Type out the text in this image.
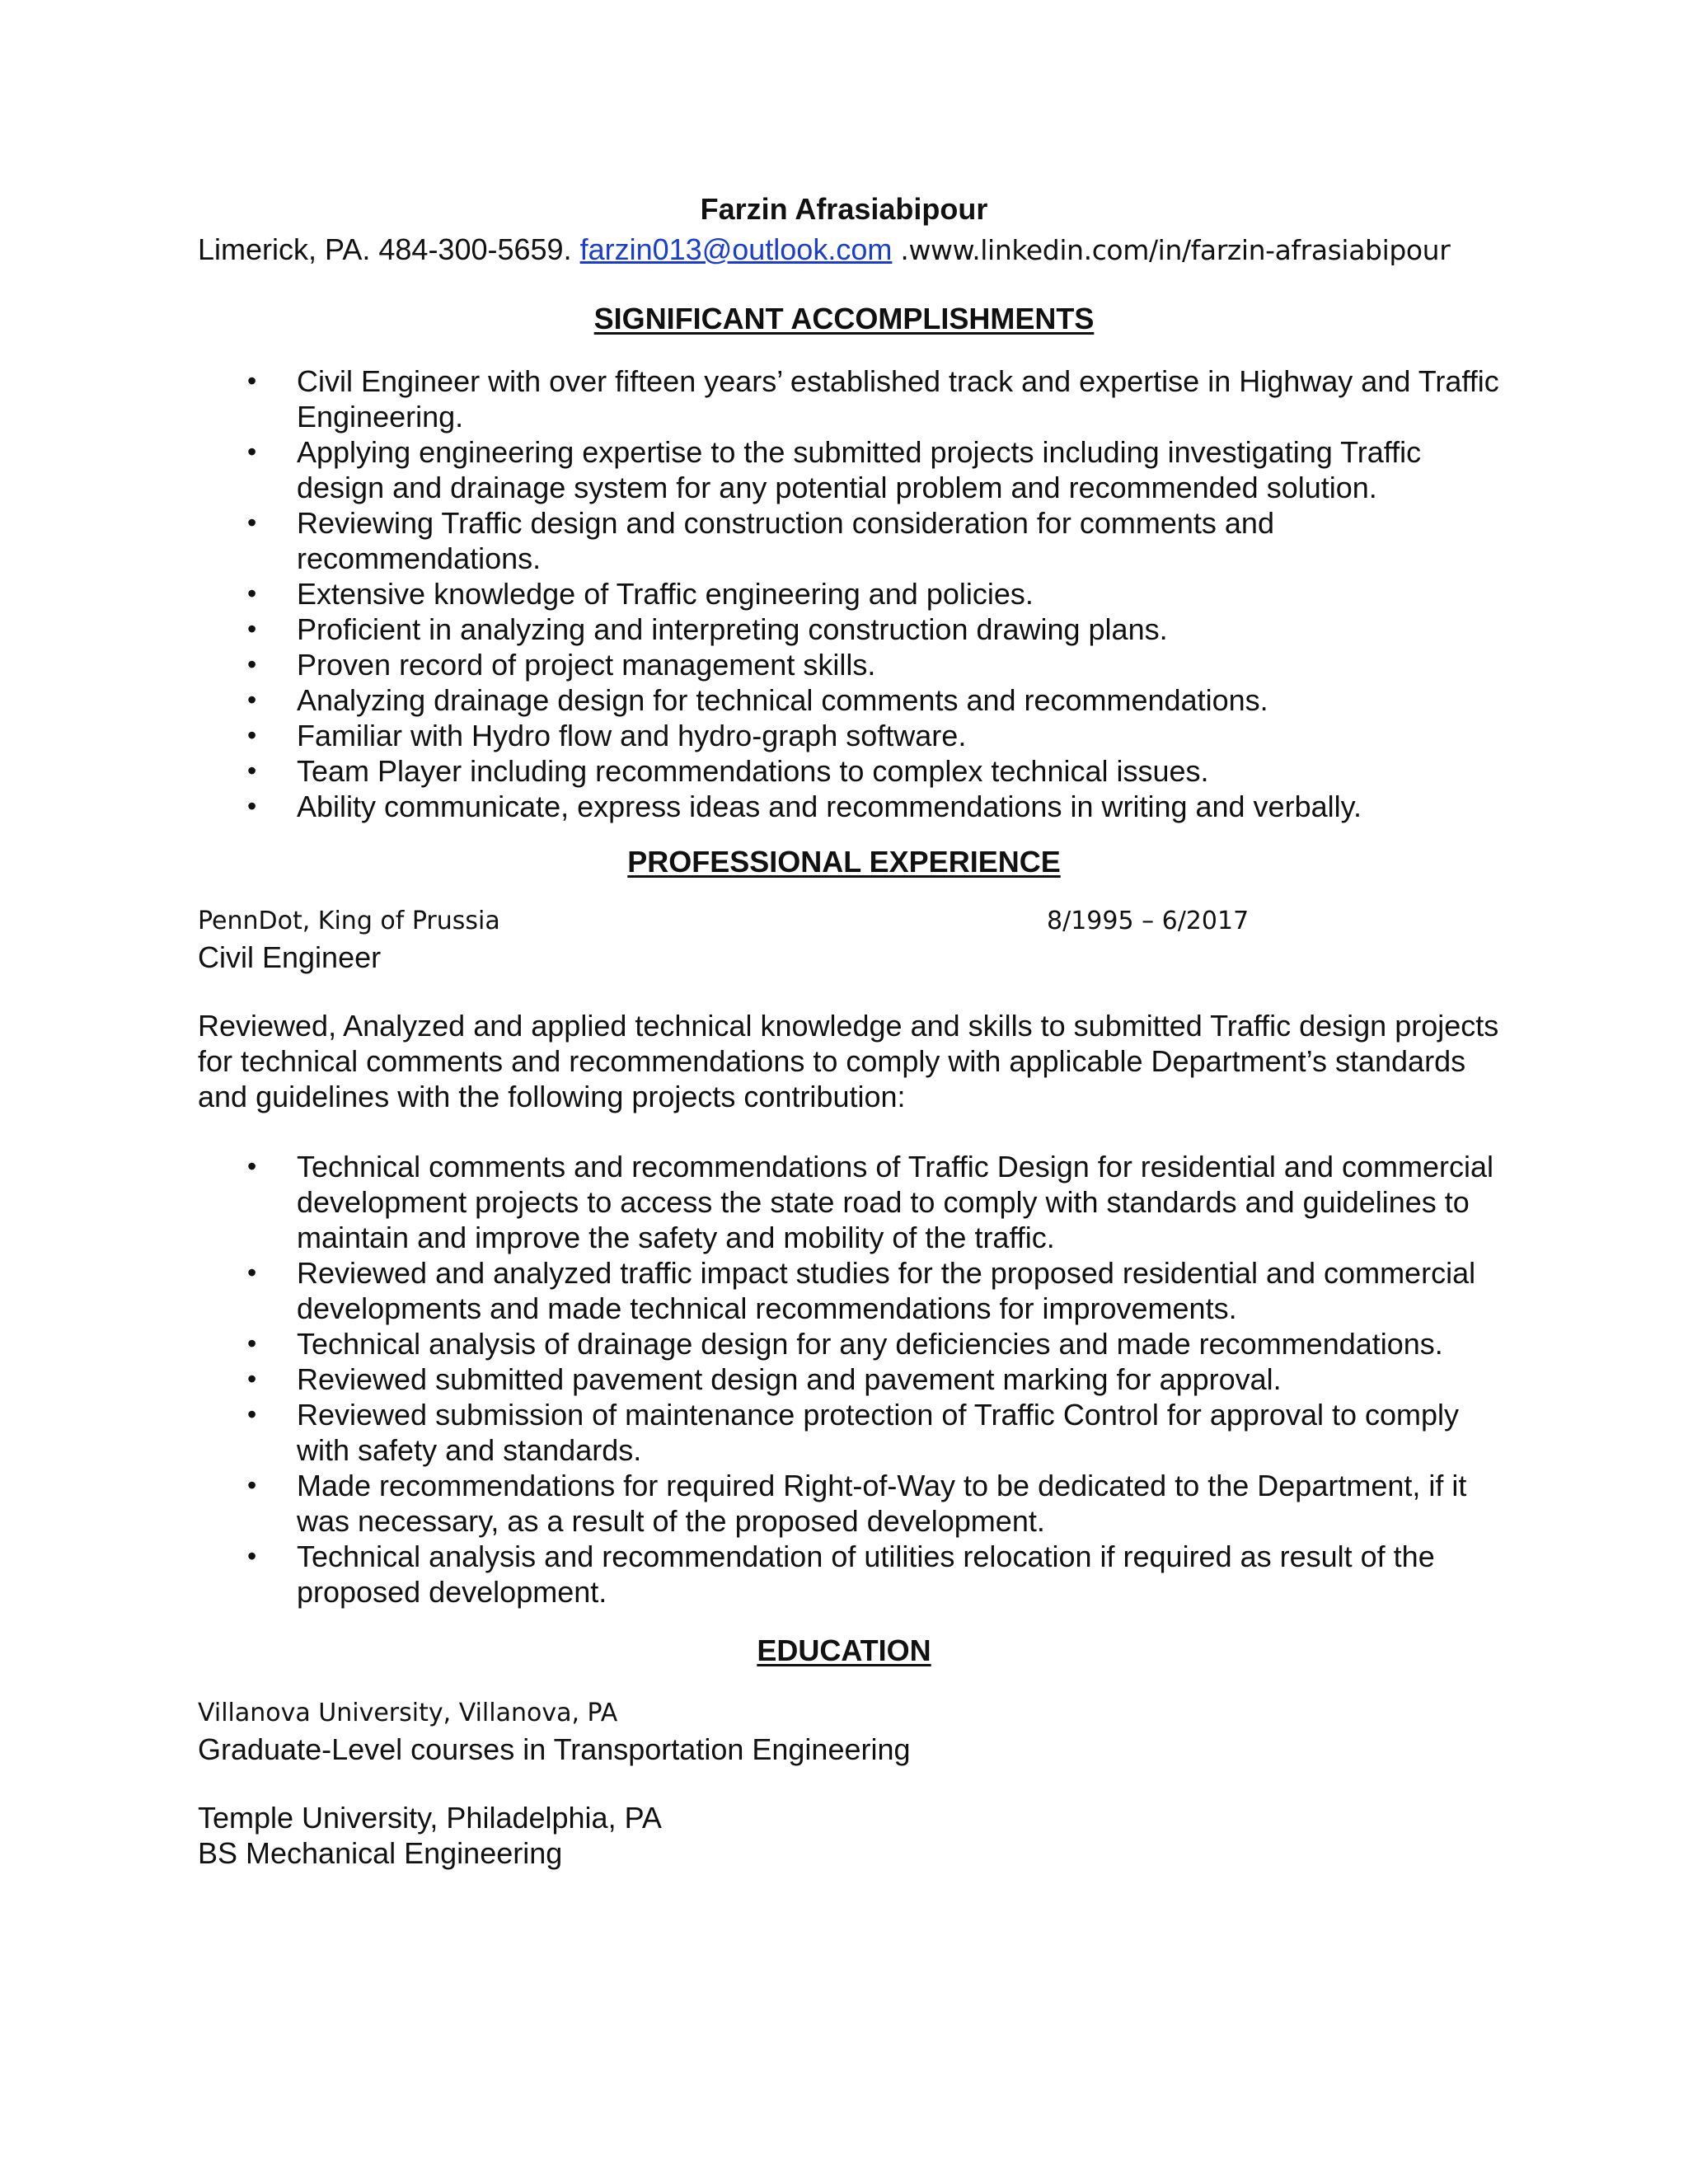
Farzin Afrasiabipour
Limerick, PA. 484-300-5659. farzin013@outlook.com .www.linkedin.com/in/farzin-afrasiabipour
SIGNIFICANT ACCOMPLISHMENTS
• Civil Engineer with over fifteen years’ established track and expertise in Highway and Traffic Engineering.
• Applying engineering expertise to the submitted projects including investigating Traffic design and drainage system for any potential problem and recommended solution.
• Reviewing Traffic design and construction consideration for comments and recommendations.
• Extensive knowledge of Traffic engineering and policies.
• Proficient in analyzing and interpreting construction drawing plans.
• Proven record of project management skills.
• Analyzing drainage design for technical comments and recommendations.
• Familiar with Hydro flow and hydro-graph software.
• Team Player including recommendations to complex technical issues.
• Ability communicate, express ideas and recommendations in writing and verbally.
PROFESSIONAL EXPERIENCE
PennDot, King of Prussia	8/1995 – 6/2017
Civil Engineer
Reviewed, Analyzed and applied technical knowledge and skills to submitted Traffic design projects for technical comments and recommendations to comply with applicable Department’s standards and guidelines with the following projects contribution:
• Technical comments and recommendations of Traffic Design for residential and commercial development projects to access the state road to comply with standards and guidelines to maintain and improve the safety and mobility of the traffic.
• Reviewed and analyzed traffic impact studies for the proposed residential and commercial developments and made technical recommendations for improvements.
• Technical analysis of drainage design for any deficiencies and made recommendations.
• Reviewed submitted pavement design and pavement marking for approval.
• Reviewed submission of maintenance protection of Traffic Control for approval to comply with safety and standards.
• Made recommendations for required Right-of-Way to be dedicated to the Department, if it was necessary, as a result of the proposed development.
• Technical analysis and recommendation of utilities relocation if required as result of the proposed development.
EDUCATION
Villanova University, Villanova, PA
Graduate-Level courses in Transportation Engineering
Temple University, Philadelphia, PA
BS Mechanical Engineering
